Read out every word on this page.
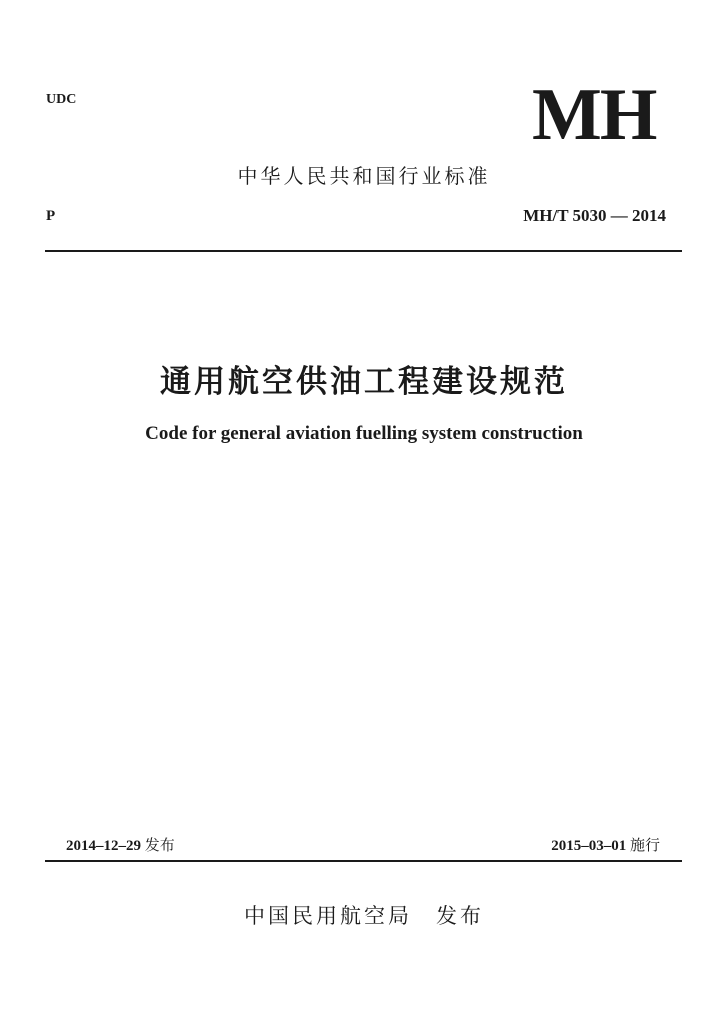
UDC	MH
中华人民共和国行业标准
P	MH/T 5030 — 2014
通用航空供油工程建设规范
Code for general aviation fuelling system construction
2014–12–29 发布	2015–03–01 施行
中国民用航空局　发布
